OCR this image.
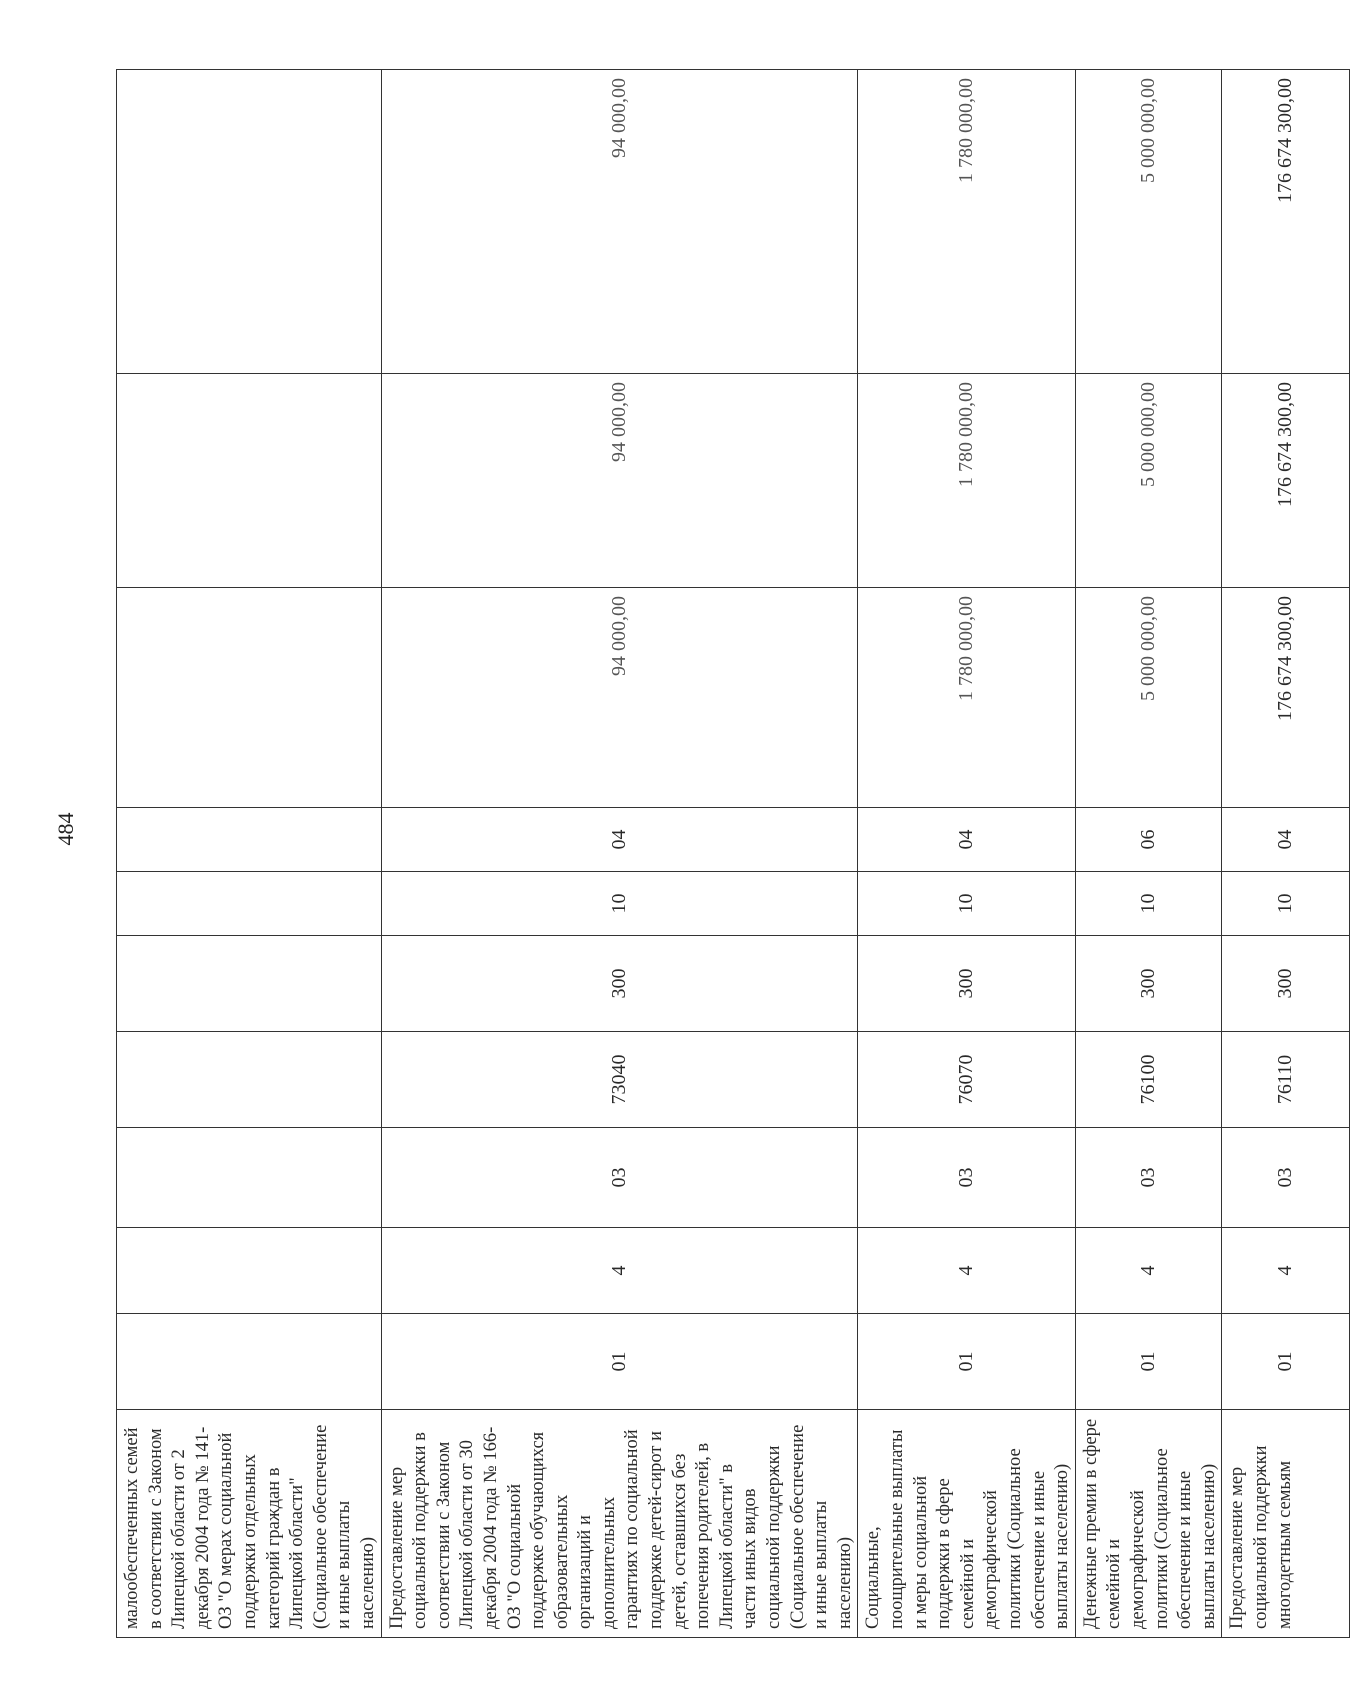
484
малообеспеченных семей в соответствии с Законом Липецкой области от 2 декабря 2004 года № 141-ОЗ "О мерах социальной поддержки отдельных категорий граждан в Липецкой области" (Социальное обеспечение и иные выплаты населению)										
Предоставление мер социальной поддержки в соответствии с Законом Липецкой области от 30 декабря 2004 года № 166-ОЗ "О социальной поддержке обучающихся образовательных организаций и дополнительных гарантиях по социальной поддержке детей-сирот и детей, оставшихся без попечения родителей, в Липецкой области" в части иных видов социальной поддержки (Социальное обеспечение и иные выплаты населению)	01	4	03	73040	300	10	04	94 000,00	94 000,00	94 000,00
Социальные, поощрительные выплаты и меры социальной поддержки в сфере семейной и демографической политики (Социальное обеспечение и иные выплаты населению)	01	4	03	76070	300	10	04	1 780 000,00	1 780 000,00	1 780 000,00
Денежные премии в сфере семейной и демографической политики (Социальное обеспечение и иные выплаты населению)	01	4	03	76100	300	10	06	5 000 000,00	5 000 000,00	5 000 000,00
Предоставление мер социальной поддержки многодетным семьям	01	4	03	76110	300	10	04	176 674 300,00	176 674 300,00	176 674 300,00
